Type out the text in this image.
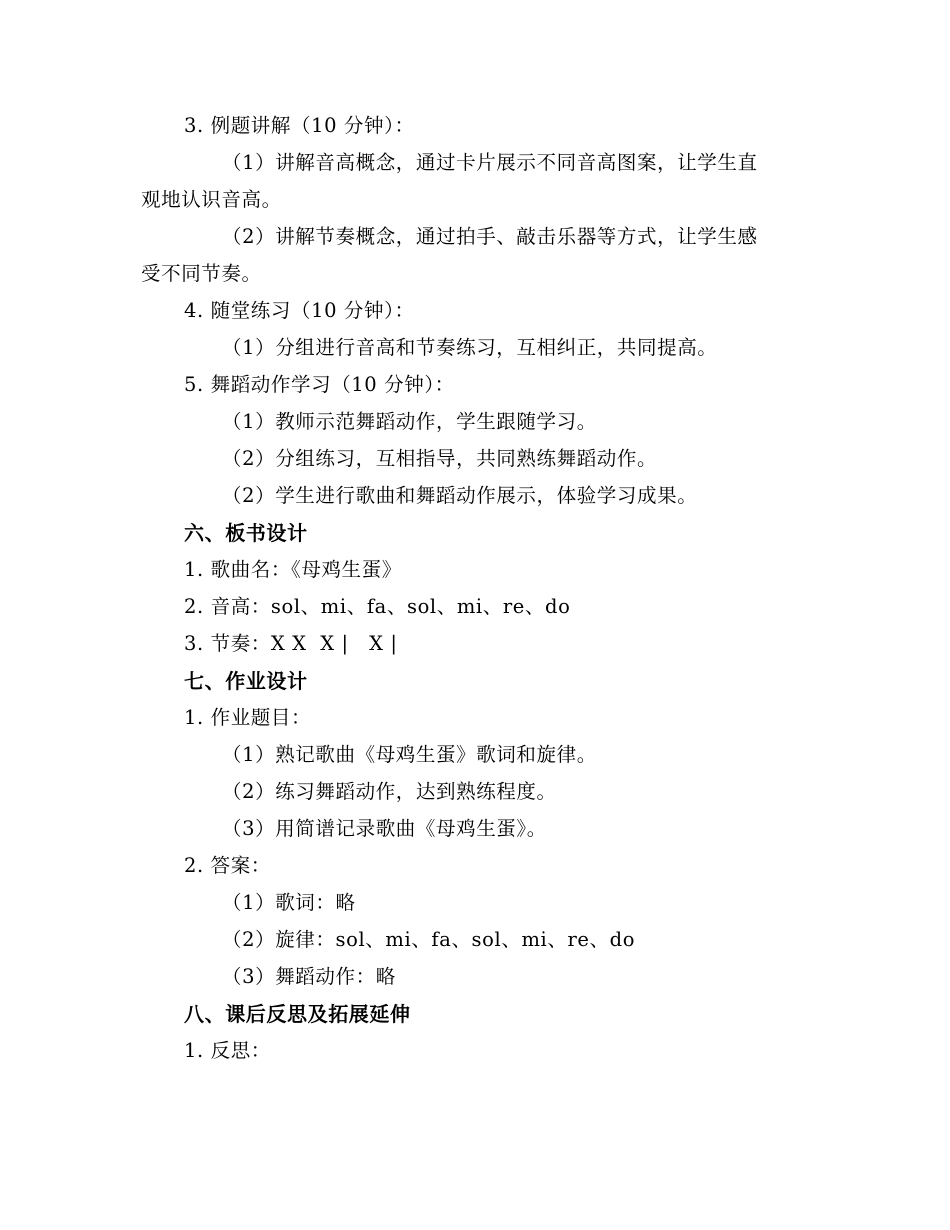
3. 例题讲解（10 分钟）：
（1）讲解音高概念，通过卡片展示不同音高图案，让学生直
观地认识音高。
（2）讲解节奏概念，通过拍手、敲击乐器等方式，让学生感
受不同节奏。
4. 随堂练习（10 分钟）：
（1）分组进行音高和节奏练习，互相纠正，共同提高。
5. 舞蹈动作学习（10 分钟）：
（1）教师示范舞蹈动作，学生跟随学习。
（2）分组练习，互相指导，共同熟练舞蹈动作。
（2）学生进行歌曲和舞蹈动作展示，体验学习成果。
六、板书设计
1. 歌曲名：《母鸡生蛋》
2. 音高：sol、mi、fa、sol、mi、re、do
3. 节奏：X X  X |   X |
七、作业设计
1. 作业题目：
（1）熟记歌曲《母鸡生蛋》歌词和旋律。
（2）练习舞蹈动作，达到熟练程度。
（3）用简谱记录歌曲《母鸡生蛋》。
2. 答案：
（1）歌词：略
（2）旋律：sol、mi、fa、sol、mi、re、do
（3）舞蹈动作：略
八、课后反思及拓展延伸
1. 反思：
